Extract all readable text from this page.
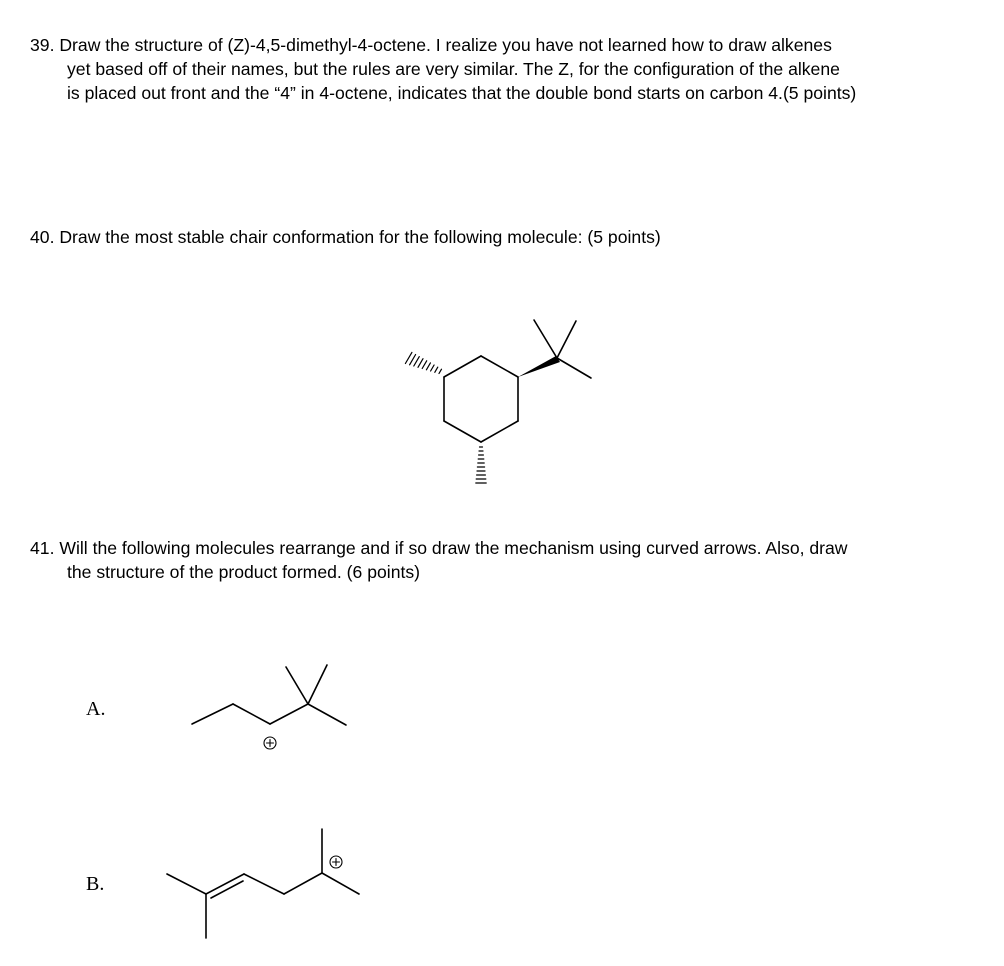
39. Draw the structure of (Z)-4,5-dimethyl-4-octene. I realize you have not learned how to draw alkenes
yet based off of their names, but the rules are very similar. The Z, for the configuration of the alkene
is placed out front and the “4” in 4-octene, indicates that the double bond starts on carbon 4.(5 points)
40. Draw the most stable chair conformation for the following molecule: (5 points)
41. Will the following molecules rearrange and if so draw the mechanism using curved arrows. Also, draw
the structure of the product formed. (6 points)
A.
B.
